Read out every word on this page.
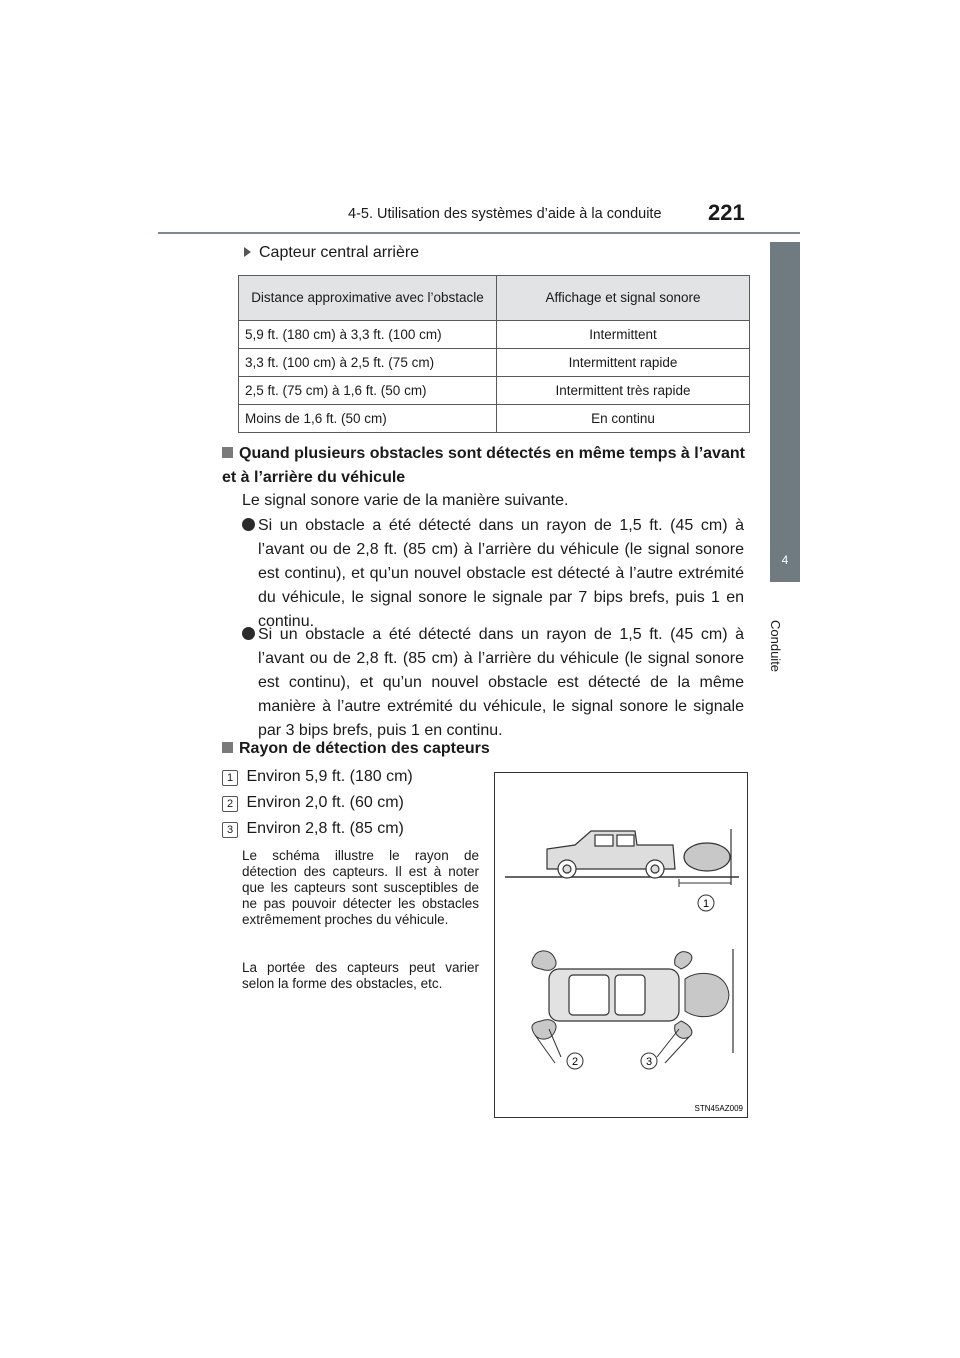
4-5. Utilisation des systèmes d’aide à la conduite 221
4
Conduite
Capteur central arrière
Distance approximative avec l’obstacle	Affichage et signal sonore
5,9 ft. (180 cm) à 3,3 ft. (100 cm)	Intermittent
3,3 ft. (100 cm) à 2,5 ft. (75 cm)	Intermittent rapide
2,5 ft. (75 cm) à 1,6 ft. (50 cm)	Intermittent très rapide
Moins de 1,6 ft. (50 cm)	En continu
Quand plusieurs obstacles sont détectés en même temps à l’avant et à l’arrière du véhicule
Le signal sonore varie de la manière suivante.
Si un obstacle a été détecté dans un rayon de 1,5 ft. (45 cm) à l’avant ou de 2,8 ft. (85 cm) à l’arrière du véhicule (le signal sonore est continu), et qu’un nouvel obstacle est détecté à l’autre extrémité du véhicule, le signal sonore le signale par 7 bips brefs, puis 1 en continu.
Si un obstacle a été détecté dans un rayon de 1,5 ft. (45 cm) à l’avant ou de 2,8 ft. (85 cm) à l’arrière du véhicule (le signal sonore est continu), et qu’un nouvel obstacle est détecté de la même manière à l’autre extrémité du véhicule, le signal sonore le signale par 3 bips brefs, puis 1 en continu.
Rayon de détection des capteurs
1 Environ 5,9 ft. (180 cm)
2 Environ 2,0 ft. (60 cm)
3 Environ 2,8 ft. (85 cm)
Le schéma illustre le rayon de détection des capteurs. Il est à noter que les capteurs sont susceptibles de ne pas pouvoir détecter les obstacles extrêmement proches du véhicule.
La portée des capteurs peut varier selon la forme des obstacles, etc.
1
2	3
STN45AZ009
